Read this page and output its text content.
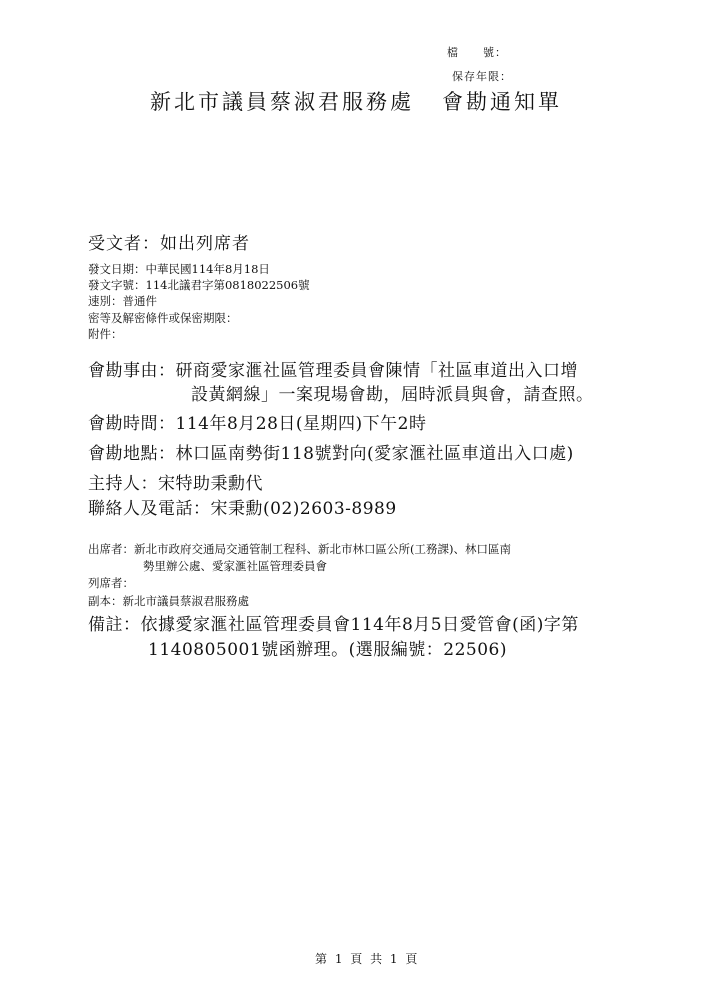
檔　　號：
保存年限：
新北市議員蔡淑君服務處 會勘通知單
受文者：如出列席者
發文日期：中華民國114年8月18日
發文字號：114北議君字第0818022506號
速別：普通件
密等及解密條件或保密期限：
附件：
會勘事由：研商愛家滙社區管理委員會陳情「社區車道出入口增
設黃網線」一案現場會勘，屆時派員與會，請查照。
會勘時間：114年8月28日(星期四)下午2時
會勘地點：林口區南勢街118號對向(愛家滙社區車道出入口處)
主持人：宋特助秉勳代
聯絡人及電話：宋秉勳(02)2603-8989
出席者：新北市政府交通局交通管制工程科、新北市林口區公所(工務課)、林口區南
勢里辦公處、愛家滙社區管理委員會
列席者：
副本：新北市議員蔡淑君服務處
備註：依據愛家滙社區管理委員會114年8月5日愛管會(函)字第
1140805001號函辦理。(選服編號：22506)
第 1 頁 共 1 頁
